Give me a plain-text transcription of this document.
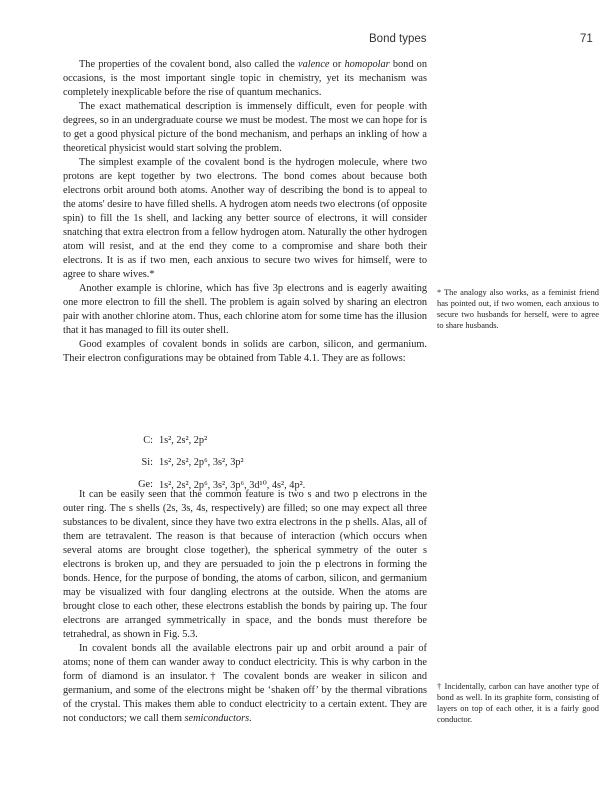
Bond types	71

The properties of the covalent bond, also called the valence or homopolar bond on occasions, is the most important single topic in chemistry, yet its mechanism was completely inexplicable before the rise of quantum mechanics.

The exact mathematical description is immensely difficult, even for people with degrees, so in an undergraduate course we must be modest. The most we can hope for is to get a good physical picture of the bond mechanism, and perhaps an inkling of how a theoretical physicist would start solving the problem.

The simplest example of the covalent bond is the hydrogen molecule, where two protons are kept together by two electrons. The bond comes about because both electrons orbit around both atoms. Another way of describing the bond is to appeal to the atoms' desire to have filled shells. A hydrogen atom needs two electrons (of opposite spin) to fill the 1s shell, and lacking any better source of electrons, it will consider snatching that extra electron from a fellow hydrogen atom. Naturally the other hydrogen atom will resist, and at the end they come to a compromise and share both their electrons. It is as if two men, each anxious to secure two wives for himself, were to agree to share wives.*

Another example is chlorine, which has five 3p electrons and is eagerly awaiting one more electron to fill the shell. The problem is again solved by sharing an electron pair with another chlorine atom. Thus, each chlorine atom for some time has the illusion that it has managed to fill its outer shell.

Good examples of covalent bonds in solids are carbon, silicon, and germanium. Their electron configurations may be obtained from Table 4.1. They are as follows:

C: 1s², 2s², 2p²
Si: 1s², 2s², 2p⁶, 3s², 3p²
Ge: 1s², 2s², 2p⁶, 3s², 3p⁶, 3d¹⁰, 4s², 4p².

It can be easily seen that the common feature is two s and two p electrons in the outer ring. The s shells (2s, 3s, 4s, respectively) are filled; so one may expect all three substances to be divalent, since they have two extra electrons in the p shells. Alas, all of them are tetravalent. The reason is that because of interaction (which occurs when several atoms are brought close together), the spherical symmetry of the outer s electrons is broken up, and they are persuaded to join the p electrons in forming the bonds. Hence, for the purpose of bonding, the atoms of carbon, silicon, and germanium may be visualized with four dangling electrons at the outside. When the atoms are brought close to each other, these electrons establish the bonds by pairing up. The four electrons are arranged symmetrically in space, and the bonds must therefore be tetrahedral, as shown in Fig. 5.3.

In covalent bonds all the available electrons pair up and orbit around a pair of atoms; none of them can wander away to conduct electricity. This is why carbon in the form of diamond is an insulator.† The covalent bonds are weaker in silicon and germanium, and some of the electrons might be ‘shaken off’ by the thermal vibrations of the crystal. This makes them able to conduct electricity to a certain extent. They are not conductors; we call them semiconductors.

* The analogy also works, as a feminist friend has pointed out, if two women, each anxious to secure two husbands for herself, were to agree to share husbands.

† Incidentally, carbon can have another type of bond as well. In its graphite form, consisting of layers on top of each other, it is a fairly good conductor.
